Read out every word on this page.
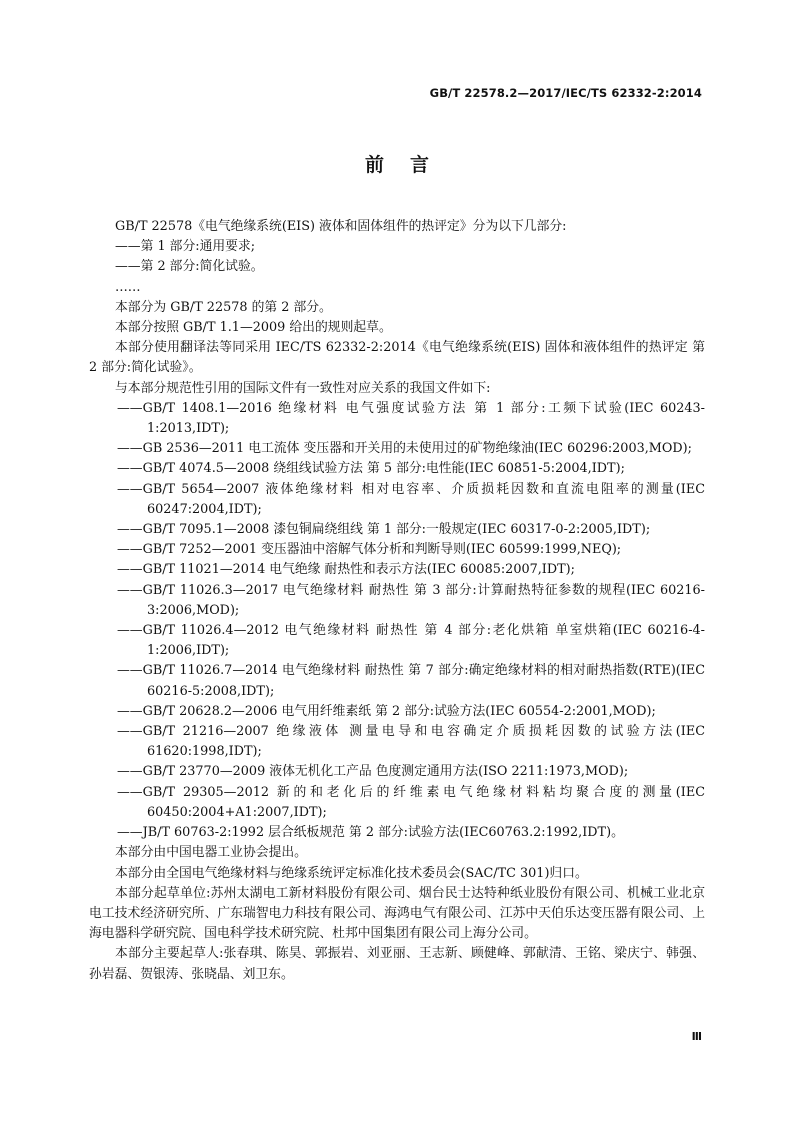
GB/T 22578.2—2017/IEC/TS 62332-2:2014
前言

GB/T 22578《电气绝缘系统(EIS) 液体和固体组件的热评定》分为以下几部分:

——第 1 部分:通用要求;

——第 2 部分:简化试验。

……

本部分为 GB/T 22578 的第 2 部分。

本部分按照 GB/T 1.1—2009 给出的规则起草。

本部分使用翻译法等同采用 IEC/TS 62332-2:2014《电气绝缘系统(EIS) 固体和液体组件的热评定 第 2 部分:简化试验》。

与本部分规范性引用的国际文件有一致性对应关系的我国文件如下:

——GB/T 1408.1—2016 绝缘材料 电气强度试验方法 第 1 部分:工频下试验(IEC 60243-1:2013,IDT);

——GB 2536—2011 电工流体 变压器和开关用的未使用过的矿物绝缘油(IEC 60296:2003,MOD);

——GB/T 4074.5—2008 绕组线试验方法 第 5 部分:电性能(IEC 60851-5:2004,IDT);

——GB/T 5654—2007 液体绝缘材料 相对电容率、介质损耗因数和直流电阻率的测量(IEC 60247:2004,IDT);

——GB/T 7095.1—2008 漆包铜扁绕组线 第 1 部分:一般规定(IEC 60317-0-2:2005,IDT);

——GB/T 7252—2001 变压器油中溶解气体分析和判断导则(IEC 60599:1999,NEQ);

——GB/T 11021—2014 电气绝缘 耐热性和表示方法(IEC 60085:2007,IDT);

——GB/T 11026.3—2017 电气绝缘材料 耐热性 第 3 部分:计算耐热特征参数的规程(IEC 60216-3:2006,MOD);

——GB/T 11026.4—2012 电气绝缘材料 耐热性 第 4 部分:老化烘箱 单室烘箱(IEC 60216-4-1:2006,IDT);

——GB/T 11026.7—2014 电气绝缘材料 耐热性 第 7 部分:确定绝缘材料的相对耐热指数(RTE)(IEC 60216-5:2008,IDT);

——GB/T 20628.2—2006 电气用纤维素纸 第 2 部分:试验方法(IEC 60554-2:2001,MOD);

——GB/T 21216—2007 绝缘液体 测量电导和电容确定介质损耗因数的试验方法(IEC 61620:1998,IDT);

——GB/T 23770—2009 液体无机化工产品 色度测定通用方法(ISO 2211:1973,MOD);

——GB/T 29305—2012 新的和老化后的纤维素电气绝缘材料粘均聚合度的测量(IEC 60450:2004+A1:2007,IDT);

——JB/T 60763-2:1992 层合纸板规范 第 2 部分:试验方法(IEC60763.2:1992,IDT)。

本部分由中国电器工业协会提出。

本部分由全国电气绝缘材料与绝缘系统评定标准化技术委员会(SAC/TC 301)归口。

本部分起草单位:苏州太湖电工新材料股份有限公司、烟台民士达特种纸业股份有限公司、机械工业北京电工技术经济研究所、广东瑞智电力科技有限公司、海鸿电气有限公司、江苏中天伯乐达变压器有限公司、上海电器科学研究院、国电科学技术研究院、杜邦中国集团有限公司上海分公司。

本部分主要起草人:张春琪、陈昊、郭振岩、刘亚丽、王志新、顾健峰、郭献清、王铭、梁庆宁、韩强、孙岩磊、贺银涛、张晓晶、刘卫东。

Ⅲ
